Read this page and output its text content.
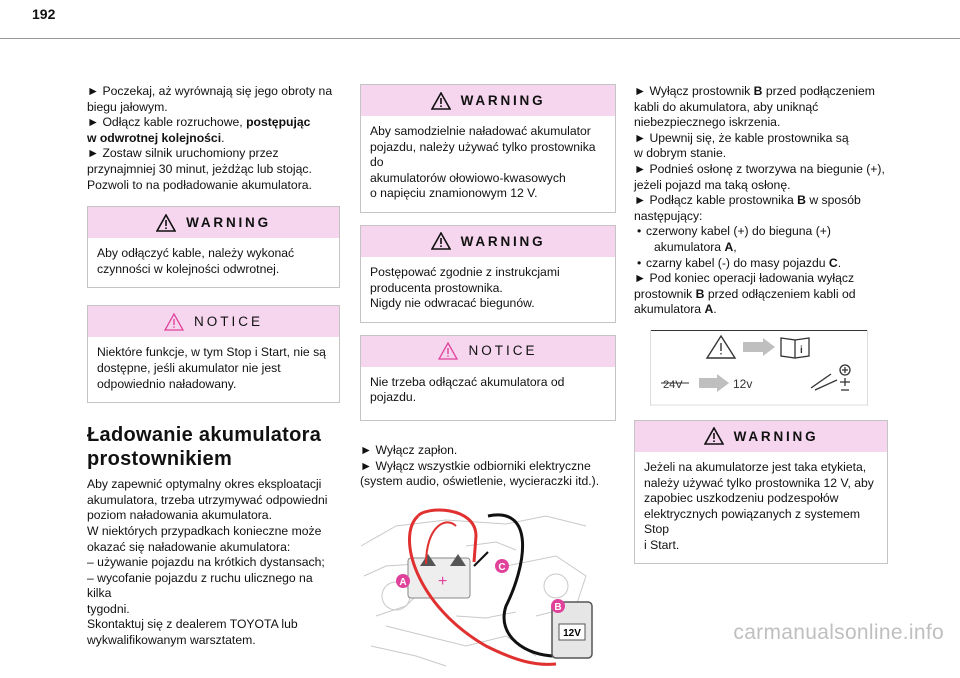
192

► Poczekaj, aż wyrównają się jego obroty na

biegu jałowym.

► Odłącz kable rozruchowe, postępując

w odwrotnej kolejności.

► Zostaw silnik uruchomiony przez

przynajmniej 30 minut, jeżdżąc lub stojąc.

Pozwoli to na podładowanie akumulatora.

WARNING

Aby odłączyć kable, należy wykonać

czynności w kolejności odwrotnej.

NOTICE

Niektóre funkcje, w tym Stop i Start, nie są

dostępne, jeśli akumulator nie jest

odpowiednio naładowany.

Ładowanie akumulatora
prostownikiem

Aby zapewnić optymalny okres eksploatacji

akumulatora, trzeba utrzymywać odpowiedni

poziom naładowania akumulatora.

W niektórych przypadkach konieczne może

okazać się naładowanie akumulatora:

– używanie pojazdu na krótkich dystansach;

– wycofanie pojazdu z ruchu ulicznego na kilka

tygodni.

Skontaktuj się z dealerem TOYOTA lub

wykwalifikowanym warsztatem.

WARNING

Aby samodzielnie naładować akumulator

pojazdu, należy używać tylko prostownika do

akumulatorów ołowiowo-kwasowych

o napięciu znamionowym 12 V.

WARNING

Postępować zgodnie z instrukcjami

producenta prostownika.

Nigdy nie odwracać biegunów.

NOTICE

Nie trzeba odłączać akumulatora od pojazdu.

► Wyłącz zapłon.

► Wyłącz wszystkie odbiorniki elektryczne

(system audio, oświetlenie, wycieraczki itd.).

+
A
C
12V
B

► Wyłącz prostownik B przed podłączeniem

kabli do akumulatora, aby uniknąć

niebezpiecznego iskrzenia.

► Upewnij się, że kable prostownika są

w dobrym stanie.

► Podnieś osłonę z tworzywa na biegunie (+),

jeżeli pojazd ma taką osłonę.

► Podłącz kable prostownika B w sposób

następujący:

• czerwony kabel (+) do bieguna (+)

akumulatora A,

• czarny kabel (-) do masy pojazdu C.

► Pod koniec operacji ładowania wyłącz

prostownik B przed odłączeniem kabli od

akumulatora A.

i
24V	12v
WARNING

Jeżeli na akumulatorze jest taka etykieta,

należy używać tylko prostownika 12 V, aby

zapobiec uszkodzeniu podzespołów

elektrycznych powiązanych z systemem Stop

i Start.

carmanualsonline.info
